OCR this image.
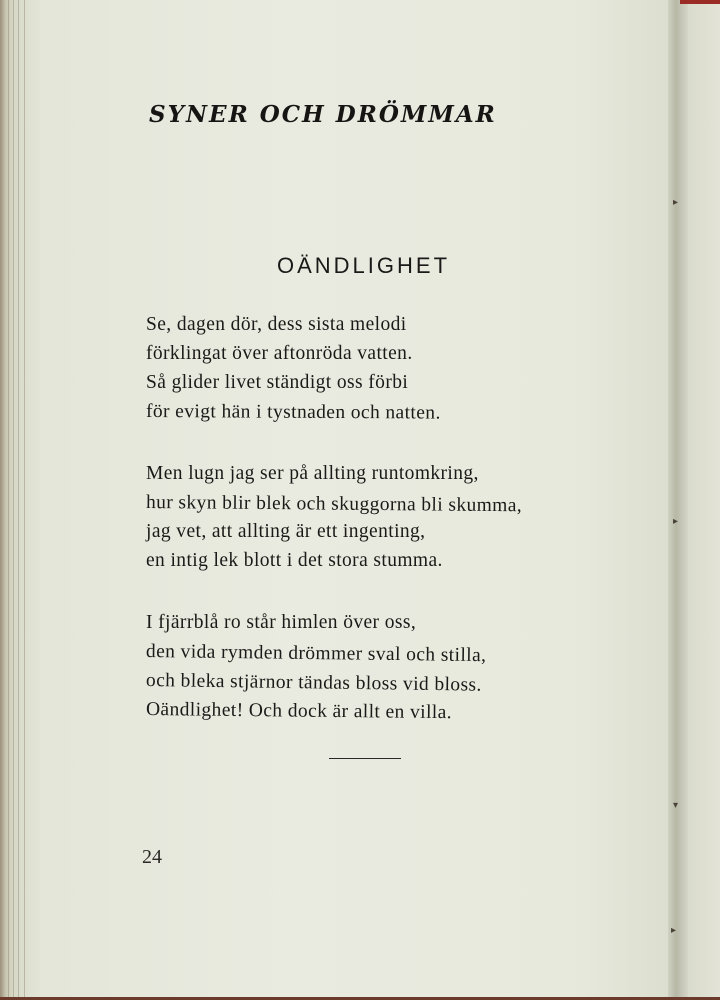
▸
▸
▾
▸
SYNER OCH DRÖMMAR
OÄNDLIGHET
Se, dagen dör, dess sista melodi
förklingat över aftonröda vatten.
Så glider livet ständigt oss förbi
för evigt hän i tystnaden och natten.
Men lugn jag ser på allting runtomkring,
hur skyn blir blek och skuggorna bli skumma,
jag vet, att allting är ett ingenting,
en intig lek blott i det stora stumma.
I fjärrblå ro står himlen över oss,
den vida rymden drömmer sval och stilla,
och bleka stjärnor tändas bloss vid bloss.
Oändlighet! Och dock är allt en villa.
24
